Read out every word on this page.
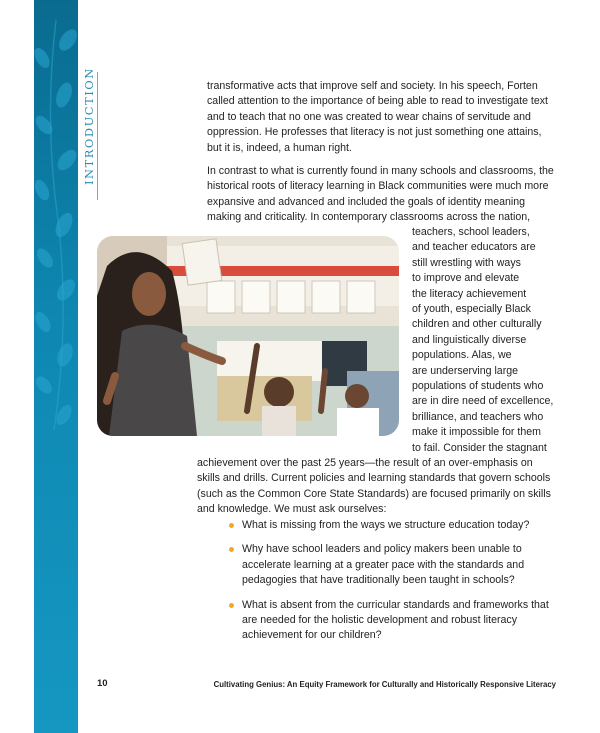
INTRODUCTION	transformative acts that improve self and society. In his speech, Forten called attention to the importance of being able to read to investigate text and to teach that no one was created to wear chains of servitude and oppression. He professes that literacy is not just something one attains, but it is, indeed, a human right.

In contrast to what is currently found in many schools and classrooms, the historical roots of literacy learning in Black communities were much more expansive and advanced and included the goals of identity meaning making and criticality. In contemporary classrooms across the nation,

teachers, school leaders,
and teacher educators are
still wrestling with ways
to improve and elevate
the literacy achievement
of youth, especially Black
children and other culturally
and linguistically diverse
populations. Alas, we
are underserving large
populations of students who
are in dire need of excellence,
brilliance, and teachers who
make it impossible for them
to fail. Consider the stagnant

achievement over the past 25 years—the result of an over-emphasis on skills and drills. Current policies and learning standards that govern schools (such as the Common Core State Standards) are focused primarily on skills and knowledge. We must ask ourselves:

What is missing from the ways we structure education today?
Why have school leaders and policy makers been unable to accelerate learning at a greater pace with the standards and pedagogies that have traditionally been taught in schools?
What is absent from the curricular standards and frameworks that are needed for the holistic development and robust literacy achievement for our children?
10	Cultivating Genius: An Equity Framework for Culturally and Historically Responsive Literacy
